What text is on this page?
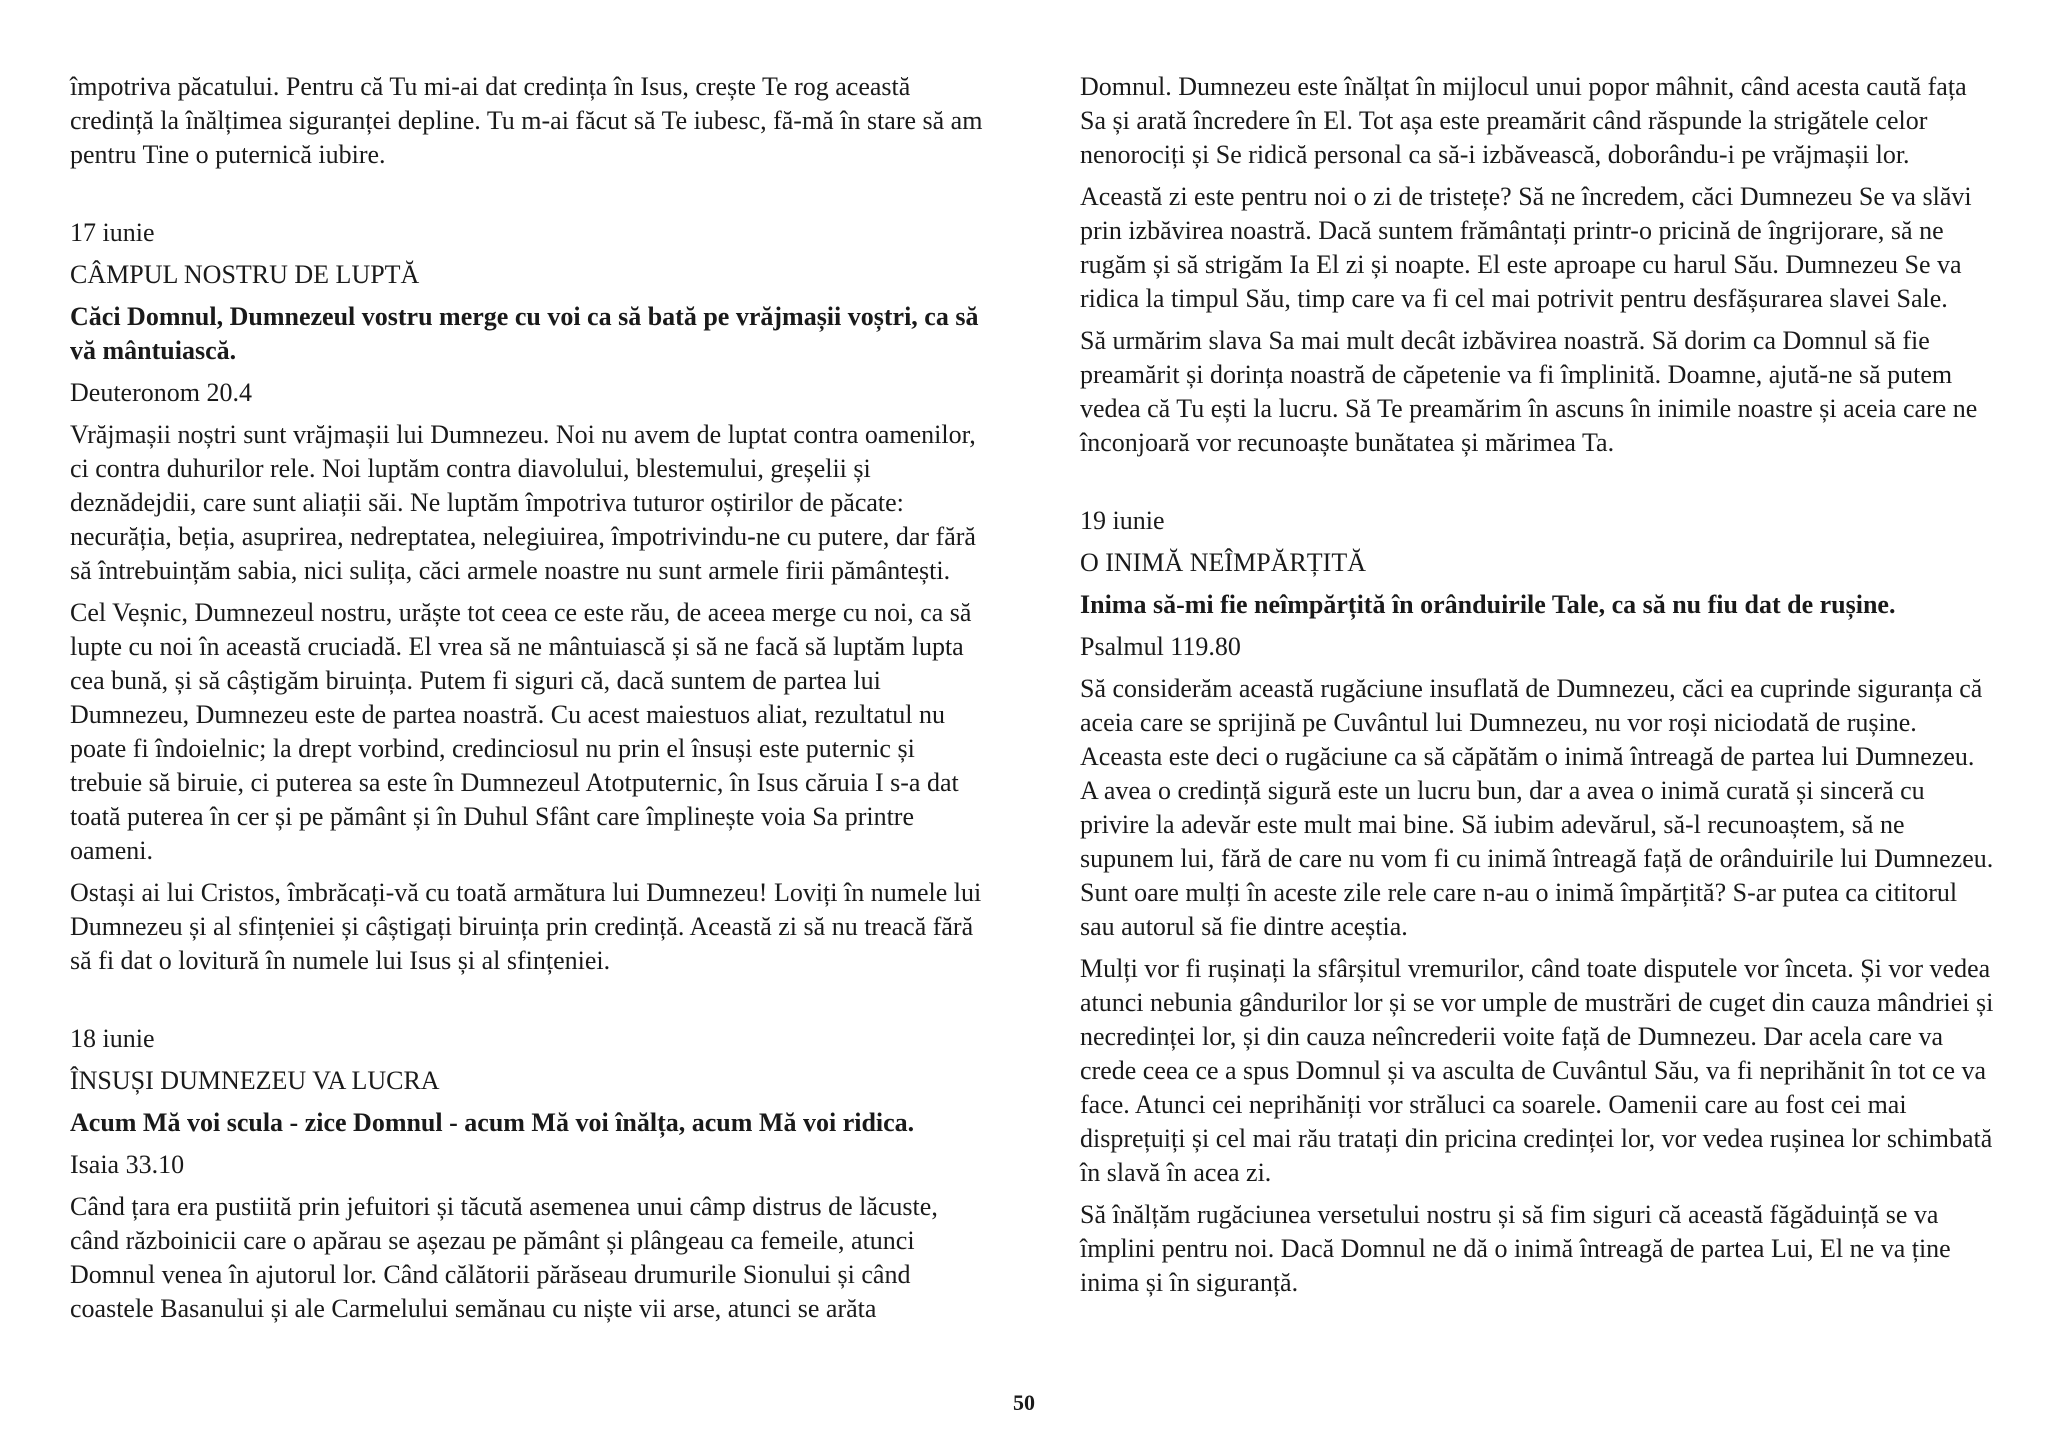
împotriva păcatului. Pentru că Tu mi-ai dat credința în Isus, crește Te rog această credință la înălțimea siguranței depline. Tu m-ai făcut să Te iubesc, fă-mă în stare să am pentru Tine o puternică iubire.

17 iunie
CÂMPUL NOSTRU DE LUPTĂ
Căci Domnul, Dumnezeul vostru merge cu voi ca să bată pe vrăjmașii voștri, ca să vă mântuiască.
Deuteronom 20.4

Vrăjmașii noștri sunt vrăjmașii lui Dumnezeu. Noi nu avem de luptat contra oamenilor, ci contra duhurilor rele. Noi luptăm contra diavolului, blestemului, greșelii și deznădejdii, care sunt aliații săi. Ne luptăm împotriva tuturor oștirilor de păcate: necurăția, beția, asuprirea, nedreptatea, nelegiuirea, împotrivindu-ne cu putere, dar fără să întrebuințăm sabia, nici sulița, căci armele noastre nu sunt armele firii pământești.

Cel Veșnic, Dumnezeul nostru, urăște tot ceea ce este rău, de aceea merge cu noi, ca să lupte cu noi în această cruciadă. El vrea să ne mântuiască și să ne facă să luptăm lupta cea bună, și să câștigăm biruința. Putem fi siguri că, dacă suntem de partea lui Dumnezeu, Dumnezeu este de partea noastră. Cu acest maiestuos aliat, rezultatul nu poate fi îndoielnic; la drept vorbind, credinciosul nu prin el însuși este puternic și trebuie să biruie, ci puterea sa este în Dumnezeul Atotputernic, în Isus căruia I s-a dat toată puterea în cer și pe pământ și în Duhul Sfânt care împlinește voia Sa printre oameni.

Ostași ai lui Cristos, îmbrăcați-vă cu toată armătura lui Dumnezeu! Loviți în numele lui Dumnezeu și al sfințeniei și câștigați biruința prin credință. Această zi să nu treacă fără să fi dat o lovitură în numele lui Isus și al sfințeniei.

18 iunie
ÎNSUȘI DUMNEZEU VA LUCRA
Acum Mă voi scula - zice Domnul - acum Mă voi înălța, acum Mă voi ridica.
Isaia 33.10

Când țara era pustiită prin jefuitori și tăcută asemenea unui câmp distrus de lăcuste, când războinicii care o apărau se așezau pe pământ și plângeau ca femeile, atunci Domnul venea în ajutorul lor. Când călătorii părăseau drumurile Sionului și când coastele Basanului și ale Carmelului semănau cu niște vii arse, atunci se arăta

Domnul. Dumnezeu este înălțat în mijlocul unui popor mâhnit, când acesta caută fața Sa și arată încredere în El. Tot așa este preamărit când răspunde la strigătele celor nenorociți și Se ridică personal ca să-i izbăvească, doborându-i pe vrăjmașii lor.

Această zi este pentru noi o zi de tristețe? Să ne încredem, căci Dumnezeu Se va slăvi prin izbăvirea noastră. Dacă suntem frământați printr-o pricină de îngrijorare, să ne rugăm și să strigăm Ia El zi și noapte. El este aproape cu harul Său. Dumnezeu Se va ridica la timpul Său, timp care va fi cel mai potrivit pentru desfășurarea slavei Sale.

Să urmărim slava Sa mai mult decât izbăvirea noastră. Să dorim ca Domnul să fie preamărit și dorința noastră de căpetenie va fi împlinită. Doamne, ajută-ne să putem vedea că Tu ești la lucru. Să Te preamărim în ascuns în inimile noastre și aceia care ne înconjoară vor recunoaște bunătatea și mărimea Ta.

19 iunie
O INIMĂ NEÎMPĂRȚITĂ
Inima să-mi fie neîmpărțită în orânduirile Tale, ca să nu fiu dat de rușine.
Psalmul 119.80

Să considerăm această rugăciune insuflată de Dumnezeu, căci ea cuprinde siguranța că aceia care se sprijină pe Cuvântul lui Dumnezeu, nu vor roși niciodată de rușine. Aceasta este deci o rugăciune ca să căpătăm o inimă întreagă de partea lui Dumnezeu. A avea o credință sigură este un lucru bun, dar a avea o inimă curată și sinceră cu privire la adevăr este mult mai bine. Să iubim adevărul, să-l recunoaștem, să ne supunem lui, fără de care nu vom fi cu inimă întreagă față de orânduirile lui Dumnezeu. Sunt oare mulți în aceste zile rele care n-au o inimă împărțită? S-ar putea ca cititorul sau autorul să fie dintre aceștia.

Mulți vor fi rușinați la sfârșitul vremurilor, când toate disputele vor înceta. Și vor vedea atunci nebunia gândurilor lor și se vor umple de mustrări de cuget din cauza mândriei și necredinței lor, și din cauza neîncrederii voite față de Dumnezeu. Dar acela care va crede ceea ce a spus Domnul și va asculta de Cuvântul Său, va fi neprihănit în tot ce va face. Atunci cei neprihăniți vor străluci ca soarele. Oamenii care au fost cei mai disprețuiți și cel mai rău tratați din pricina credinței lor, vor vedea rușinea lor schimbată în slavă în acea zi.

Să înălțăm rugăciunea versetului nostru și să fim siguri că această făgăduință se va împlini pentru noi. Dacă Domnul ne dă o inimă întreagă de partea Lui, El ne va ține inima și în siguranță.

50
